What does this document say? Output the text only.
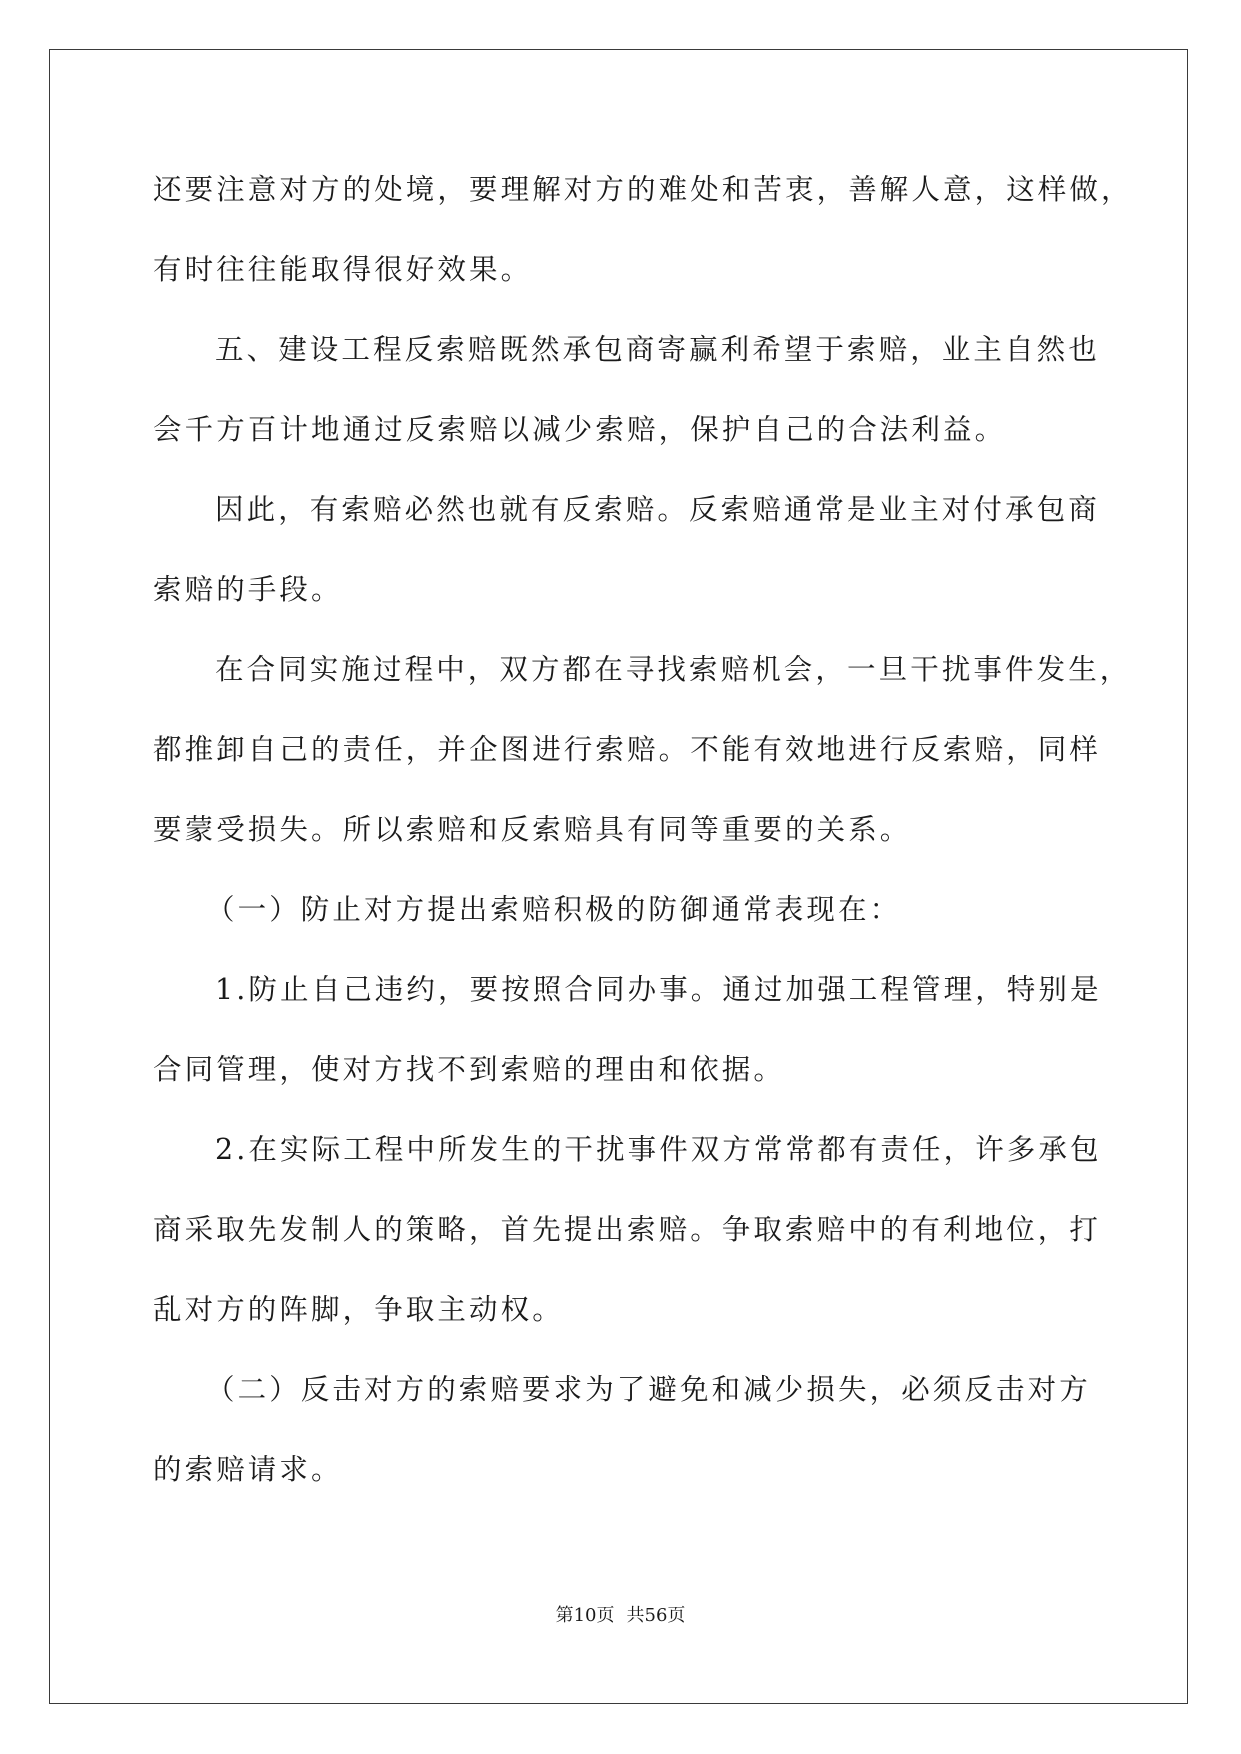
还要注意对方的处境，要理解对方的难处和苦衷，善解人意，这样做，
有时往往能取得很好效果。
五、建设工程反索赔既然承包商寄赢利希望于索赔，业主自然也
会千方百计地通过反索赔以减少索赔，保护自己的合法利益。
因此，有索赔必然也就有反索赔。反索赔通常是业主对付承包商
索赔的手段。
在合同实施过程中，双方都在寻找索赔机会，一旦干扰事件发生，
都推卸自己的责任，并企图进行索赔。不能有效地进行反索赔，同样
要蒙受损失。所以索赔和反索赔具有同等重要的关系。
（一）防止对方提出索赔积极的防御通常表现在：
1.防止自己违约，要按照合同办事。通过加强工程管理，特别是
合同管理，使对方找不到索赔的理由和依据。
2.在实际工程中所发生的干扰事件双方常常都有责任，许多承包
商采取先发制人的策略，首先提出索赔。争取索赔中的有利地位，打
乱对方的阵脚，争取主动权。
（二）反击对方的索赔要求为了避免和减少损失，必须反击对方
的索赔请求。
第10页 共56页
